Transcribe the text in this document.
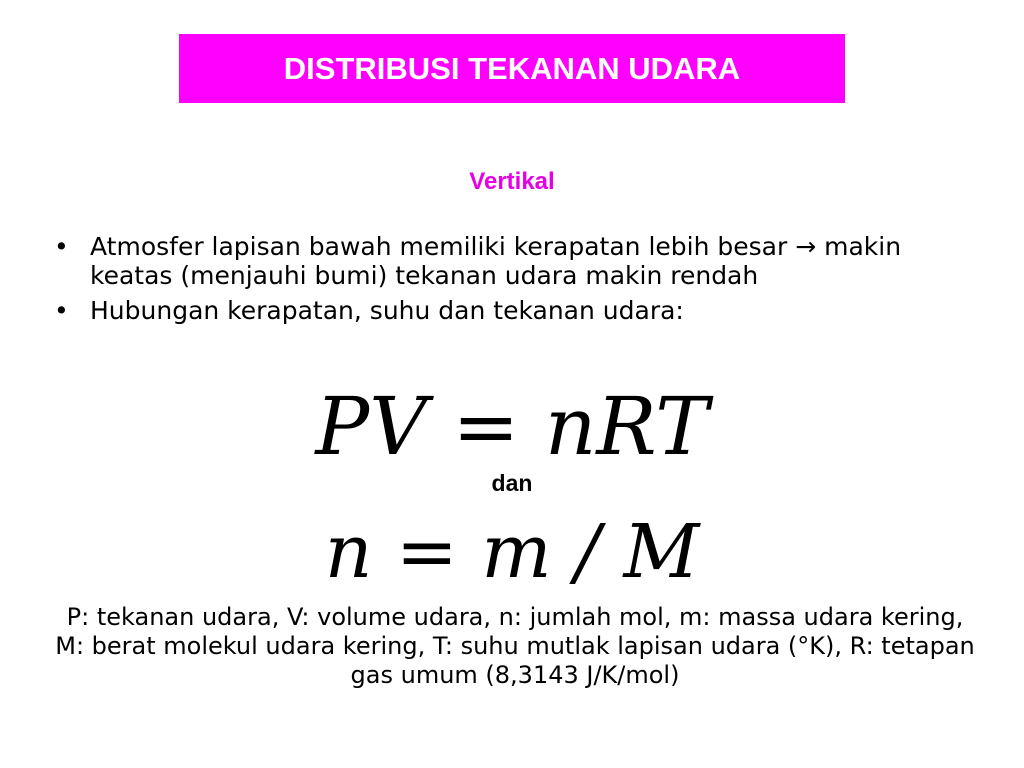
DISTRIBUSI TEKANAN UDARA
Vertikal
• Atmosfer lapisan bawah memiliki kerapatan lebih besar → makin keatas (menjauhi bumi) tekanan udara makin rendah
• Hubungan kerapatan, suhu dan tekanan udara:
PV = nRT
dan
n = m / M
P: tekanan udara, V: volume udara, n: jumlah mol, m: massa udara kering, M: berat molekul udara kering, T: suhu mutlak lapisan udara (°K), R: tetapan gas umum (8,3143 J/K/mol)
